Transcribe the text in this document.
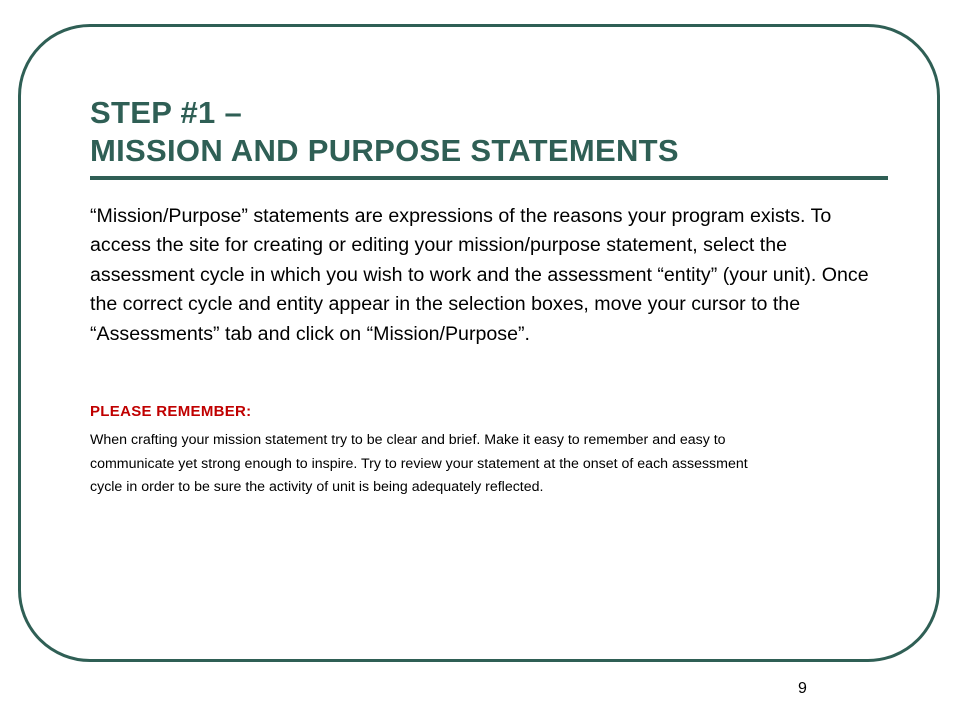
STEP #1 –
MISSION AND PURPOSE STATEMENTS

“Mission/Purpose” statements are expressions of the reasons your program exists. To access the site for creating or editing your mission/purpose statement, select the assessment cycle in which you wish to work and the assessment “entity” (your unit). Once the correct cycle and entity appear in the selection boxes, move your cursor to the “Assessments” tab and click on “Mission/Purpose”.

PLEASE REMEMBER:

When crafting your mission statement try to be clear and brief. Make it easy to remember and easy to communicate yet strong enough to inspire. Try to review your statement at the onset of each assessment cycle in order to be sure the activity of unit is being adequately reflected.

9
